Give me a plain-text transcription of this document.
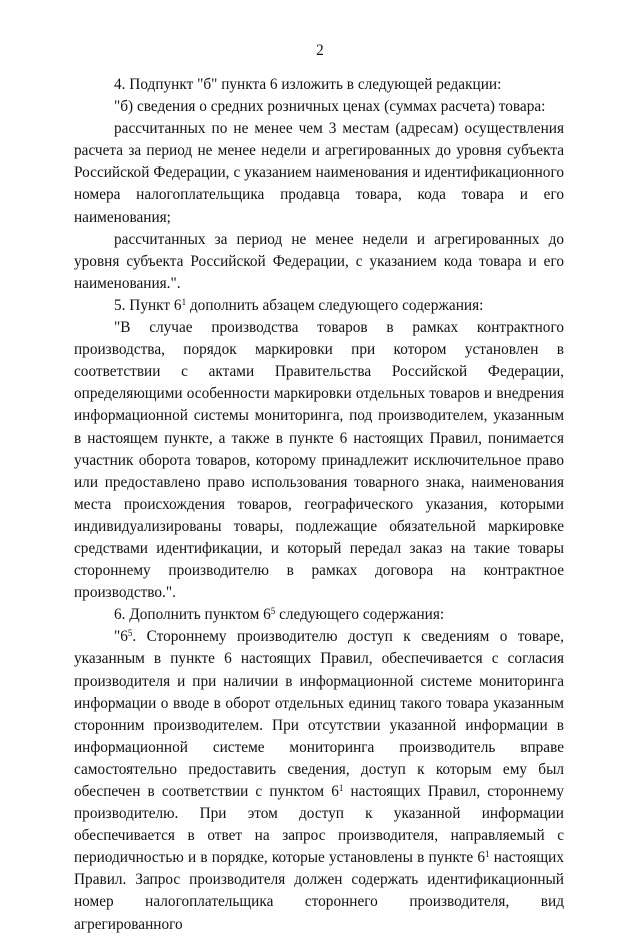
2

4. Подпункт "б" пункта 6 изложить в следующей редакции:

"б) сведения о средних розничных ценах (суммах расчета) товара:

рассчитанных по не менее чем 3 местам (адресам) осуществления расчета за период не менее недели и агрегированных до уровня субъекта Российской Федерации, с указанием наименования и идентификационного номера налогоплательщика продавца товара, кода товара и его наименования;

рассчитанных за период не менее недели и агрегированных до уровня субъекта Российской Федерации, с указанием кода товара и его наименования.".

5. Пункт $6^1$ дополнить абзацем следующего содержания:

"В случае производства товаров в рамках контрактного производства, порядок маркировки при котором установлен в соответствии с актами Правительства Российской Федерации, определяющими особенности маркировки отдельных товаров и внедрения информационной системы мониторинга, под производителем, указанным в настоящем пункте, а также в пункте 6 настоящих Правил, понимается участник оборота товаров, которому принадлежит исключительное право или предоставлено право использования товарного знака, наименования места происхождения товаров, географического указания, которыми индивидуализированы товары, подлежащие обязательной маркировке средствами идентификации, и который передал заказ на такие товары стороннему производителю в рамках договора на контрактное производство.".

6. Дополнить пунктом $6^5$ следующего содержания:

"$6^5$. Стороннему производителю доступ к сведениям о товаре, указанным в пункте 6 настоящих Правил, обеспечивается с согласия производителя и при наличии в информационной системе мониторинга информации о вводе в оборот отдельных единиц такого товара указанным сторонним производителем. При отсутствии указанной информации в информационной системе мониторинга производитель вправе самостоятельно предоставить сведения, доступ к которым ему был обеспечен в соответствии с пунктом $6^1$ настоящих Правил, стороннему производителю. При этом доступ к указанной информации обеспечивается в ответ на запрос производителя, направляемый с периодичностью и в порядке, которые установлены в пункте $6^1$ настоящих Правил. Запрос производителя должен содержать идентификационный номер налогоплательщика стороннего производителя, вид агрегированного
